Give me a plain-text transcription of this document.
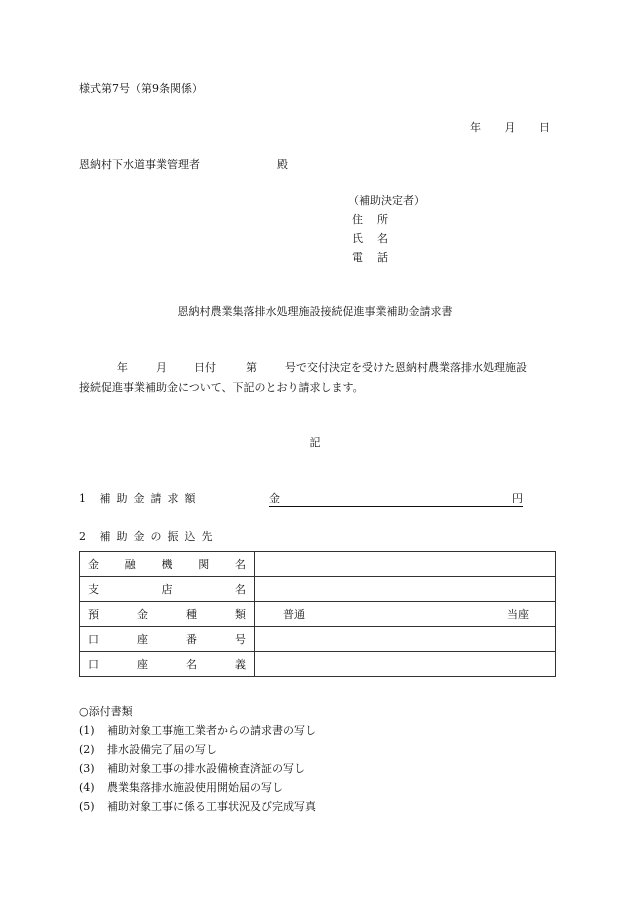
様式第7号（第9条関係）
年 月 日
恩納村下水道事業管理者	殿
（補助決定者）
住所
氏名
電話
恩納村農業集落排水処理施設接続促進事業補助金請求書
年	月 日付	第	号で交付決定を受けた恩納村農業落排水処理施設
接続促進事業補助金について、下記のとおり請求します。
記
1 補助金請求額	金	円
2 補助金の振込先
金融機関名	

支店名	

預金種類	普通 当座

口座番号	

口座名義	

○添付書類
(1) 補助対象工事施工業者からの請求書の写し
(2) 排水設備完了届の写し
(3) 補助対象工事の排水設備検査済証の写し
(4) 農業集落排水施設使用開始届の写し
(5) 補助対象工事に係る工事状況及び完成写真
